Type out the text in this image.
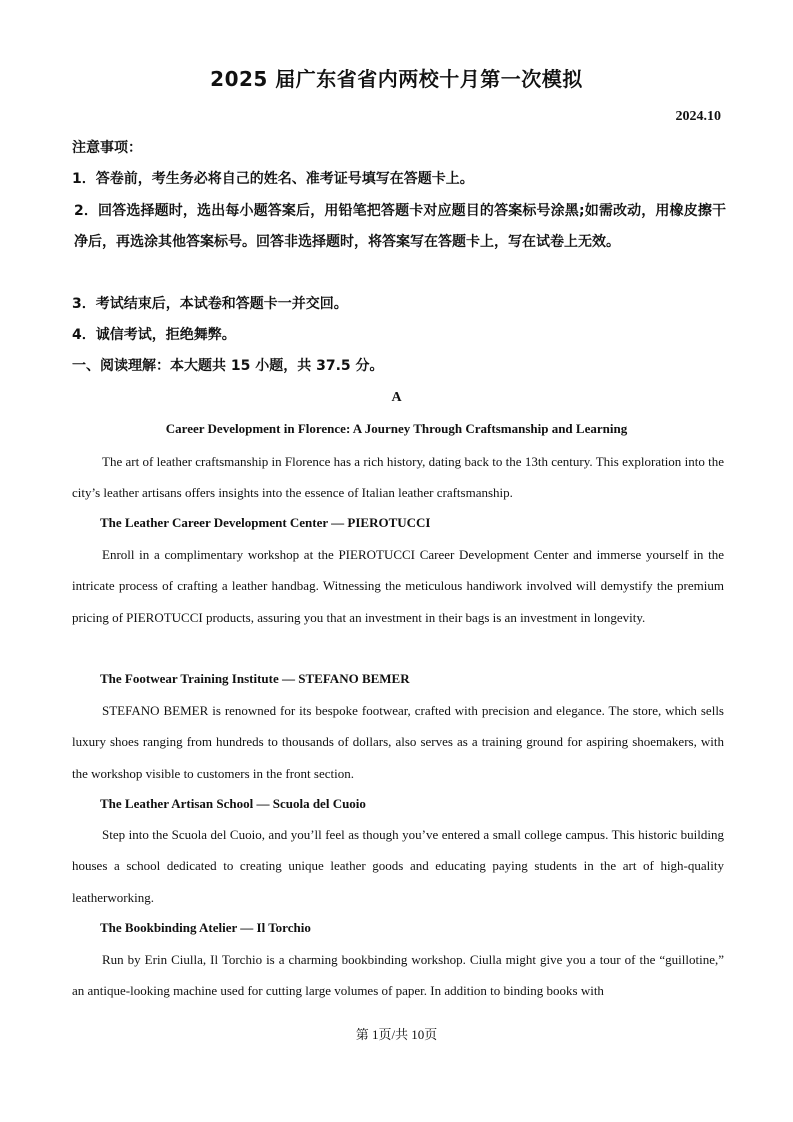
2025 届广东省省内两校十月第一次模拟
2024.10
注意事项：
1．答卷前，考生务必将自己的姓名、准考证号填写在答题卡上。
2．回答选择题时，选出每小题答案后，用铅笔把答题卡对应题目的答案标号涂黑;如需改动，用橡皮擦干净后，再选涂其他答案标号。回答非选择题时，将答案写在答题卡上，写在试卷上无效。
3．考试结束后，本试卷和答题卡一并交回。
4．诚信考试，拒绝舞弊。
一、阅读理解：本大题共 15 小题，共 37.5 分。
A
Career Development in Florence: A Journey Through Craftsmanship and Learning
The art of leather craftsmanship in Florence has a rich history, dating back to the 13th century. This exploration into the city’s leather artisans offers insights into the essence of Italian leather craftsmanship.
The Leather Career Development Center — PIEROTUCCI
Enroll in a complimentary workshop at the PIEROTUCCI Career Development Center and immerse yourself in the intricate process of crafting a leather handbag. Witnessing the meticulous handiwork involved will demystify the premium pricing of PIEROTUCCI products, assuring you that an investment in their bags is an investment in longevity.
The Footwear Training Institute — STEFANO BEMER
STEFANO BEMER is renowned for its bespoke footwear, crafted with precision and elegance. The store, which sells luxury shoes ranging from hundreds to thousands of dollars, also serves as a training ground for aspiring shoemakers, with the workshop visible to customers in the front section.
The Leather Artisan School — Scuola del Cuoio
Step into the Scuola del Cuoio, and you’ll feel as though you’ve entered a small college campus. This historic building houses a school dedicated to creating unique leather goods and educating paying students in the art of high-quality leatherworking.
The Bookbinding Atelier — Il Torchio
Run by Erin Ciulla, Il Torchio is a charming bookbinding workshop. Ciulla might give you a tour of the “guillotine,” an antique-looking machine used for cutting large volumes of paper. In addition to binding books with
第 1页/共 10页
